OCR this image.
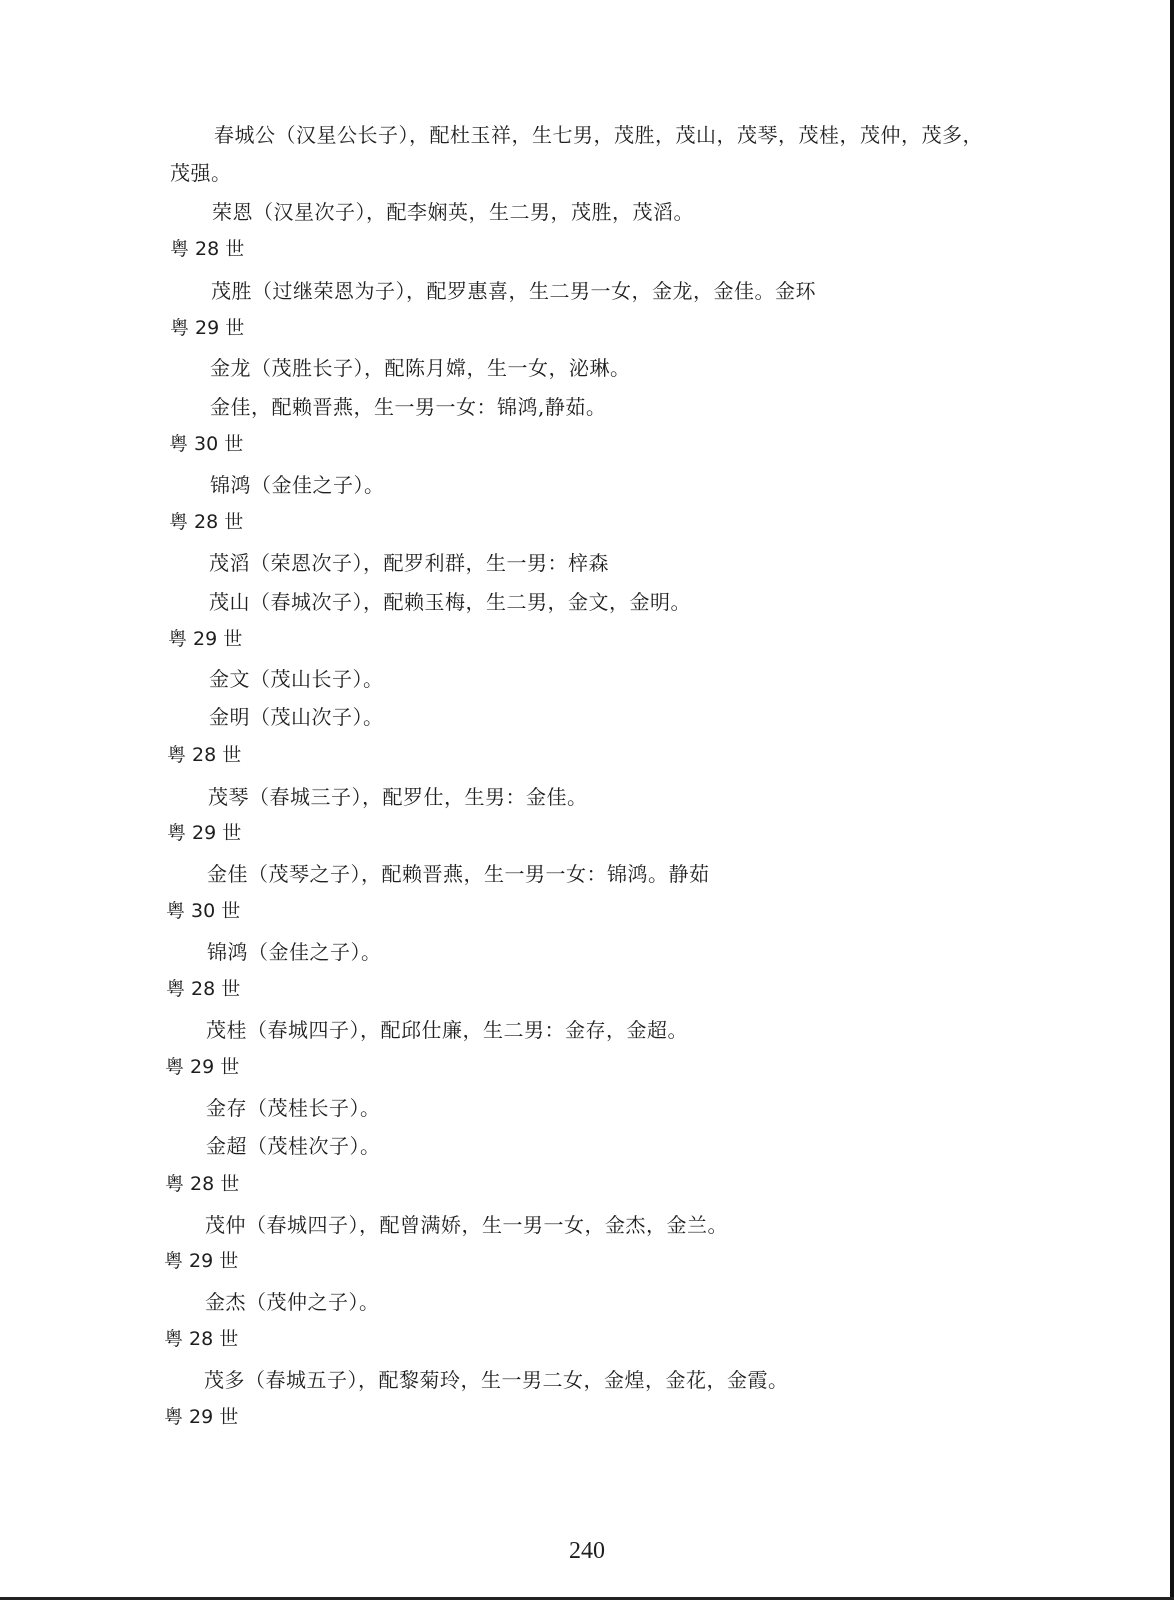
春城公（汉星公长子），配杜玉祥，生七男，茂胜，茂山，茂琴，茂桂，茂仲，茂多，
茂强。
荣恩（汉星次子），配李娴英，生二男，茂胜，茂滔。
粤 28 世
茂胜（过继荣恩为子），配罗惠喜，生二男一女，金龙，金佳。金环
粤 29 世
金龙（茂胜长子），配陈月嫦，生一女，泌琳。
金佳，配赖晋燕，生一男一女：锦鸿,静茹。
粤 30 世
锦鸿（金佳之子）。
粤 28 世
茂滔（荣恩次子），配罗利群，生一男：梓森
茂山（春城次子），配赖玉梅，生二男，金文，金明。
粤 29 世
金文（茂山长子）。
金明（茂山次子）。
粤 28 世
茂琴（春城三子），配罗仕，生男：金佳。
粤 29 世
金佳（茂琴之子），配赖晋燕，生一男一女：锦鸿。静茹
粤 30 世
锦鸿（金佳之子）。
粤 28 世
茂桂（春城四子），配邱仕廉，生二男：金存，金超。
粤 29 世
金存（茂桂长子）。
金超（茂桂次子）。
粤 28 世
茂仲（春城四子），配曾满娇，生一男一女，金杰，金兰。
粤 29 世
金杰（茂仲之子）。
粤 28 世
茂多（春城五子），配黎菊玲，生一男二女，金煌，金花，金霞。
粤 29 世
240
